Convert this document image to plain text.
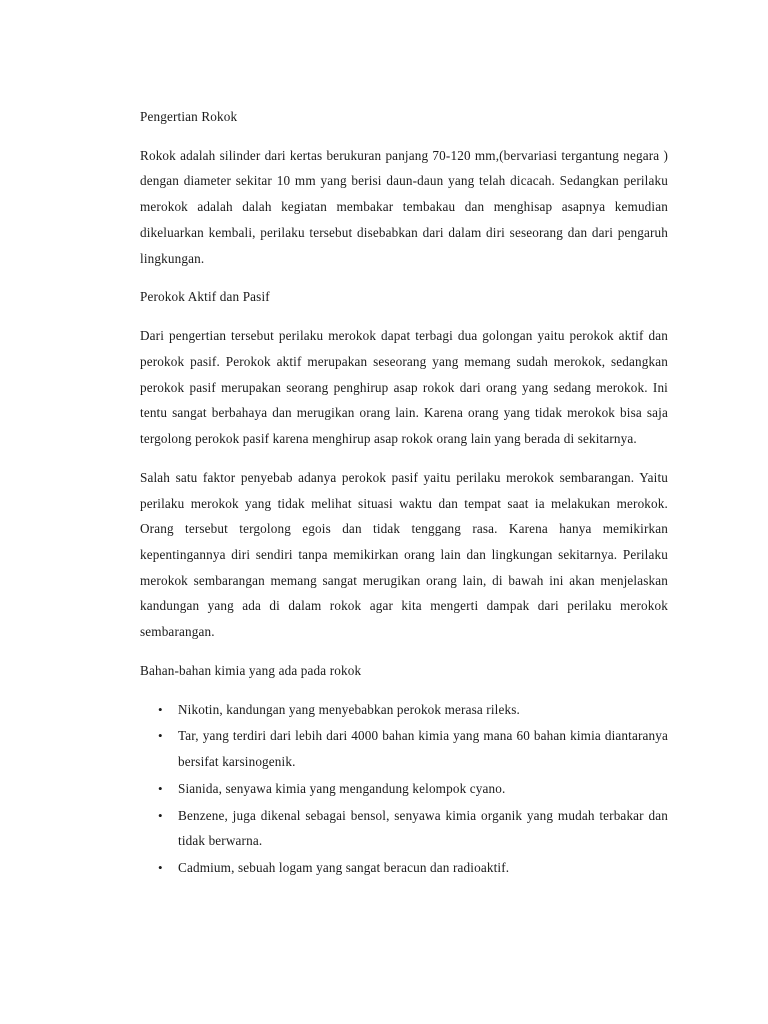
Pengertian Rokok

Rokok adalah silinder dari kertas berukuran panjang 70-120 mm,(bervariasi tergantung negara ) dengan diameter sekitar 10 mm yang berisi daun-daun yang telah dicacah. Sedangkan perilaku merokok adalah dalah kegiatan membakar tembakau dan menghisap asapnya kemudian dikeluarkan kembali, perilaku tersebut disebabkan dari dalam diri seseorang dan dari pengaruh lingkungan.

Perokok Aktif dan Pasif

Dari pengertian tersebut perilaku merokok dapat terbagi dua golongan yaitu perokok aktif dan perokok pasif. Perokok aktif merupakan seseorang yang memang sudah merokok, sedangkan perokok pasif merupakan seorang penghirup asap rokok dari orang yang sedang merokok. Ini tentu sangat berbahaya dan merugikan orang lain. Karena orang yang tidak merokok bisa saja tergolong perokok pasif karena menghirup asap rokok orang lain yang berada di sekitarnya.

Salah satu faktor penyebab adanya perokok pasif yaitu perilaku merokok sembarangan. Yaitu perilaku merokok yang tidak melihat situasi waktu dan tempat saat ia melakukan merokok. Orang tersebut tergolong egois dan tidak tenggang rasa. Karena hanya memikirkan kepentingannya diri sendiri tanpa memikirkan orang lain dan lingkungan sekitarnya. Perilaku merokok sembarangan memang sangat merugikan orang lain, di bawah ini akan menjelaskan kandungan yang ada di dalam rokok agar kita mengerti dampak dari perilaku merokok sembarangan.

Bahan-bahan kimia yang ada pada rokok

• Nikotin, kandungan yang menyebabkan perokok merasa rileks.
• Tar, yang terdiri dari lebih dari 4000 bahan kimia yang mana 60 bahan kimia diantaranya bersifat karsinogenik.
• Sianida, senyawa kimia yang mengandung kelompok cyano.
• Benzene, juga dikenal sebagai bensol, senyawa kimia organik yang mudah terbakar dan tidak berwarna.
• Cadmium, sebuah logam yang sangat beracun dan radioaktif.
